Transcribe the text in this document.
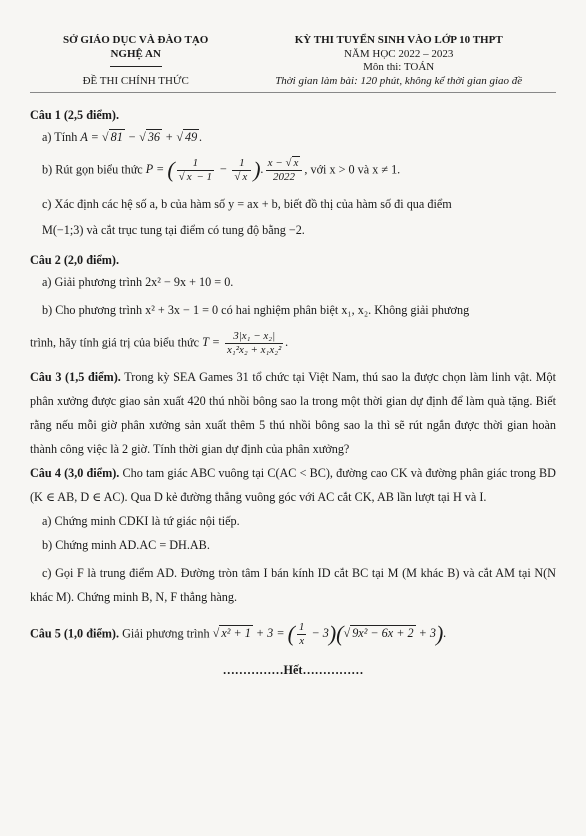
SỞ GIÁO DỤC VÀ ĐÀO TẠO
NGHỆ AN
ĐỀ THI CHÍNH THỨC
KỲ THI TUYỂN SINH VÀO LỚP 10 THPT
NĂM HỌC 2022 – 2023
Môn thi: TOÁN
Thời gian làm bài: 120 phút, không kể thời gian giao đề
Câu 1 (2,5 điểm).
a) Tính A = √ 81 − √ 36 + √ 49 .
b) Rút gọn biểu thức P = ( $\frac{1}{√ x - 1} - \frac{1}{√ x}$ ). $\frac{x - √ x}{2022}$ , với x > 0 và x ≠ 1.
c) Xác định các hệ số a, b của hàm số y = ax + b, biết đồ thị của hàm số đi qua điểm
M(−1;3) và cắt trục tung tại điểm có tung độ bằng −2.
Câu 2 (2,0 điểm).
a) Giải phương trình 2x² − 9x + 10 = 0.
b) Cho phương trình x² + 3x − 1 = 0 có hai nghiệm phân biệt x₁, x₂. Không giải phương
trình, hãy tính giá trị của biểu thức $T = \frac{\text{3|x₁ − x₂|}}{\text{x₁²x₂ + x₁x₂²}}$ .

Câu 3 (1,5 điểm). Trong kỳ SEA Games 31 tổ chức tại Việt Nam, thú sao la được chọn làm linh vật. Một phân xưởng được giao sản xuất 420 thú nhồi bông sao la trong một thời gian dự định để làm quà tặng. Biết rằng nếu mỗi giờ phân xưởng sản xuất thêm 5 thú nhồi bông sao la thì sẽ rút ngắn được thời gian hoàn thành công việc là 2 giờ. Tính thời gian dự định của phân xưởng?

Câu 4 (3,0 điểm). Cho tam giác ABC vuông tại C(AC < BC), đường cao CK và đường phân giác trong BD (K ∈ AB, D ∈ AC). Qua D kẻ đường thẳng vuông góc với AC cắt CK, AB lần lượt tại H và I.

a) Chứng minh CDKI là tứ giác nội tiếp.
b) Chứng minh AD.AC = DH.AB.

c) Gọi F là trung điểm AD. Đường tròn tâm I bán kính ID cắt BC tại M (M khác B) và cắt AM tại N(N khác M). Chứng minh B, N, F thẳng hàng.

Câu 5 (1,0 điểm). Giải phương trình √ x² + 1 + 3 = ( $\frac{1}{x} - 3)(√$ 9x² − 6x + 2 + 3).
……………Hết……………
